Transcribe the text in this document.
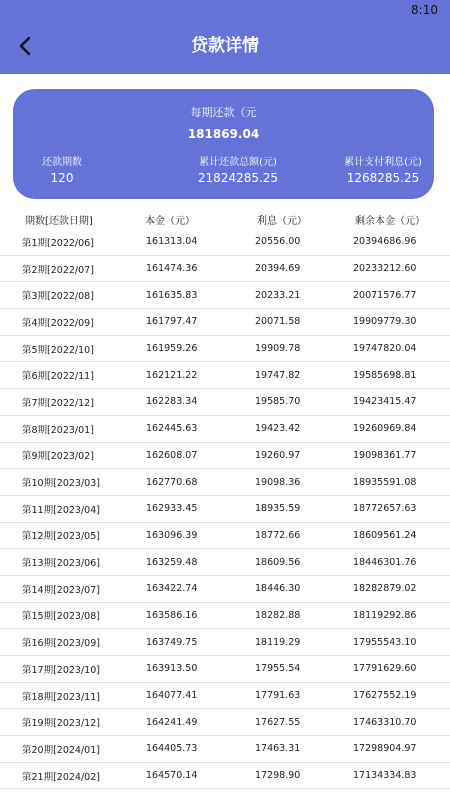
8:10
贷款详情
每期还款（元
181869.04
还款期数
120
累计还款总额(元)
21824285.25
累计支付利息(元)
1268285.25
期数[还款日期]	本金（元）	利息（元）	剩余本金（元）
第1期[2022/06]	161313.04	20556.00	20394686.96
第2期[2022/07]	161474.36	20394.69	20233212.60
第3期[2022/08]	161635.83	20233.21	20071576.77
第4期[2022/09]	161797.47	20071.58	19909779.30
第5期[2022/10]	161959.26	19909.78	19747820.04
第6期[2022/11]	162121.22	19747.82	19585698.81
第7期[2022/12]	162283.34	19585.70	19423415.47
第8期[2023/01]	162445.63	19423.42	19260969.84
第9期[2023/02]	162608.07	19260.97	19098361.77
第10期[2023/03]	162770.68	19098.36	18935591.08
第11期[2023/04]	162933.45	18935.59	18772657.63
第12期[2023/05]	163096.39	18772.66	18609561.24
第13期[2023/06]	163259.48	18609.56	18446301.76
第14期[2023/07]	163422.74	18446.30	18282879.02
第15期[2023/08]	163586.16	18282.88	18119292.86
第16期[2023/09]	163749.75	18119.29	17955543.10
第17期[2023/10]	163913.50	17955.54	17791629.60
第18期[2023/11]	164077.41	17791.63	17627552.19
第19期[2023/12]	164241.49	17627.55	17463310.70
第20期[2024/01]	164405.73	17463.31	17298904.97
第21期[2024/02]	164570.14	17298.90	17134334.83
